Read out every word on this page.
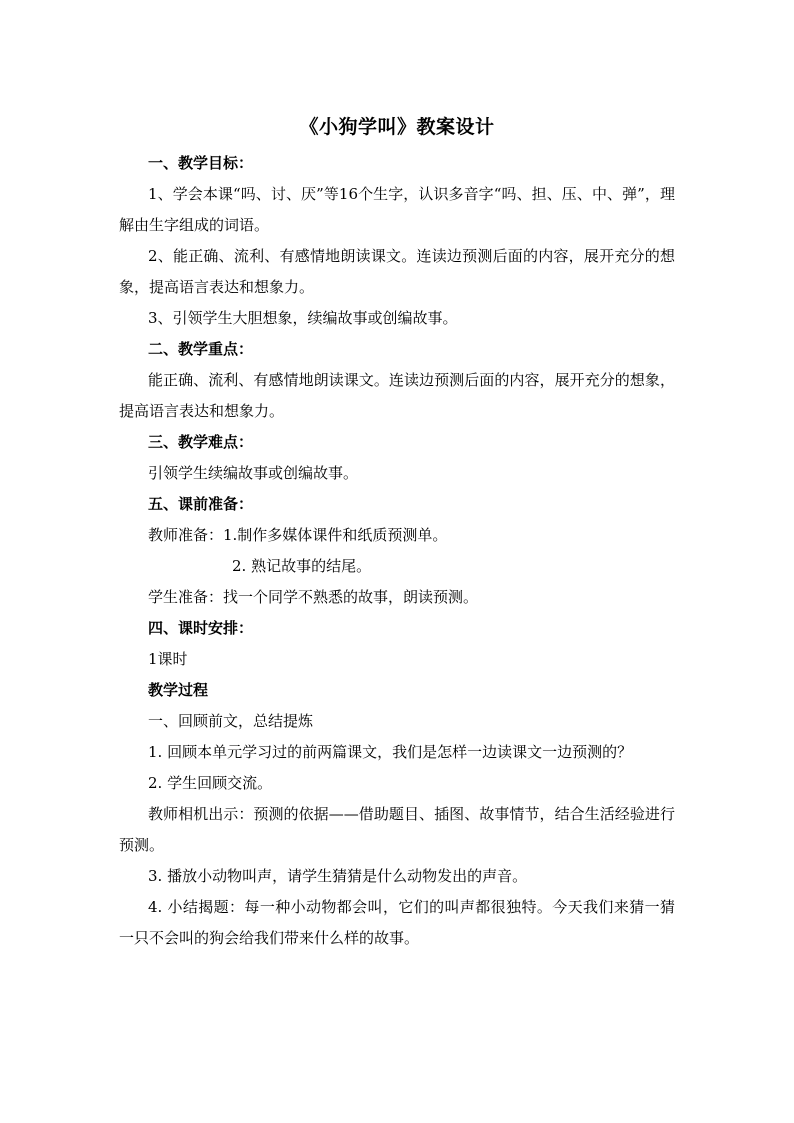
《小狗学叫》教案设计
一、教学目标：
1、学会本课“吗、讨、厌”等16个生字，认识多音字“吗、担、压、中、弹”，理解由生字组成的词语。
2、能正确、流利、有感情地朗读课文。连读边预测后面的内容，展开充分的想象，提高语言表达和想象力。
3、引领学生大胆想象，续编故事或创编故事。
二、教学重点：
能正确、流利、有感情地朗读课文。连读边预测后面的内容，展开充分的想象，提高语言表达和想象力。
三、教学难点：
引领学生续编故事或创编故事。
五、课前准备：
教师准备：1.制作多媒体课件和纸质预测单。
2. 熟记故事的结尾。
学生准备：找一个同学不熟悉的故事，朗读预测。
四、课时安排：
1课时
教学过程
一、回顾前文，总结提炼
1. 回顾本单元学习过的前两篇课文，我们是怎样一边读课文一边预测的？
2. 学生回顾交流。
教师相机出示：预测的依据——借助题目、插图、故事情节，结合生活经验进行预测。
3. 播放小动物叫声，请学生猜猜是什么动物发出的声音。
4. 小结揭题：每一种小动物都会叫，它们的叫声都很独特。今天我们来猜一猜一只不会叫的狗会给我们带来什么样的故事。
